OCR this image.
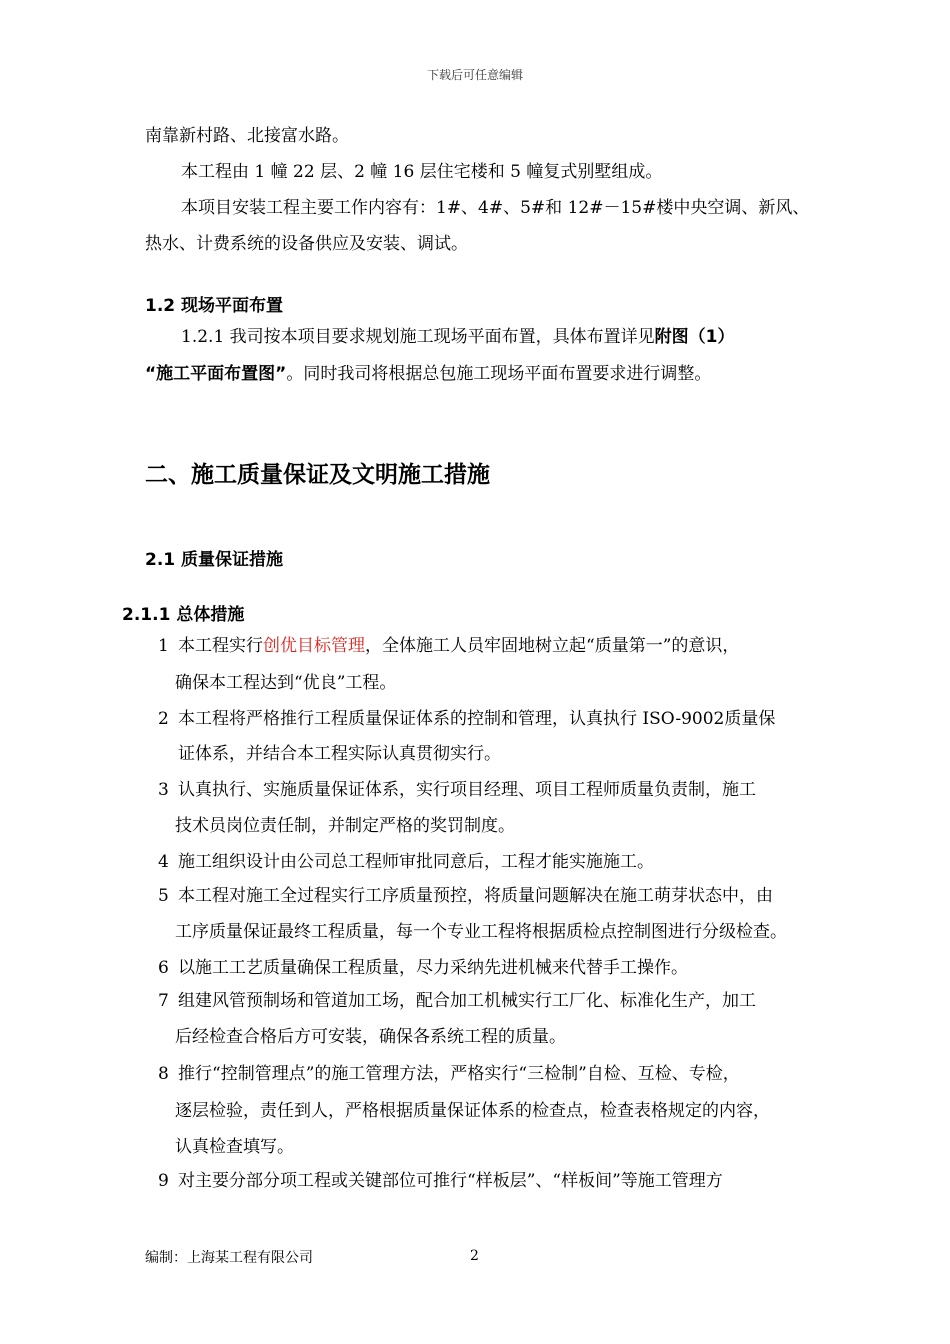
下载后可任意编辑
南靠新村路、北接富水路。
本工程由 1 幢 22 层、2 幢 16 层住宅楼和 5 幢复式别墅组成。
本项目安装工程主要工作内容有：1#、4#、5#和 12#－15#楼中央空调、新风、
热水、计费系统的设备供应及安装、调试。
1.2 现场平面布置
1.2.1 我司按本项目要求规划施工现场平面布置，具体布置详见附图（1）
“施工平面布置图”。同时我司将根据总包施工现场平面布置要求进行调整。
二、施工质量保证及文明施工措施
2.1 质量保证措施
2.1.1 总体措施
1 本工程实行创优目标管理，全体施工人员牢固地树立起“质量第一”的意识，
确保本工程达到“优良”工程。
2 本工程将严格推行工程质量保证体系的控制和管理，认真执行 ISO-9002质量保
证体系，并结合本工程实际认真贯彻实行。
3 认真执行、实施质量保证体系，实行项目经理、项目工程师质量负责制，施工
技术员岗位责任制，并制定严格的奖罚制度。
4 施工组织设计由公司总工程师审批同意后，工程才能实施施工。
5 本工程对施工全过程实行工序质量预控，将质量问题解决在施工萌芽状态中，由
工序质量保证最终工程质量，每一个专业工程将根据质检点控制图进行分级检查。
6 以施工工艺质量确保工程质量，尽力采纳先进机械来代替手工操作。
7 组建风管预制场和管道加工场，配合加工机械实行工厂化、标准化生产，加工
后经检查合格后方可安装，确保各系统工程的质量。
8 推行“控制管理点”的施工管理方法，严格实行“三检制”自检、互检、专检，
逐层检验，责任到人，严格根据质量保证体系的检查点，检查表格规定的内容，
认真检查填写。
9 对主要分部分项工程或关键部位可推行“样板层”、“样板间”等施工管理方
编制：上海某工程有限公司	2
